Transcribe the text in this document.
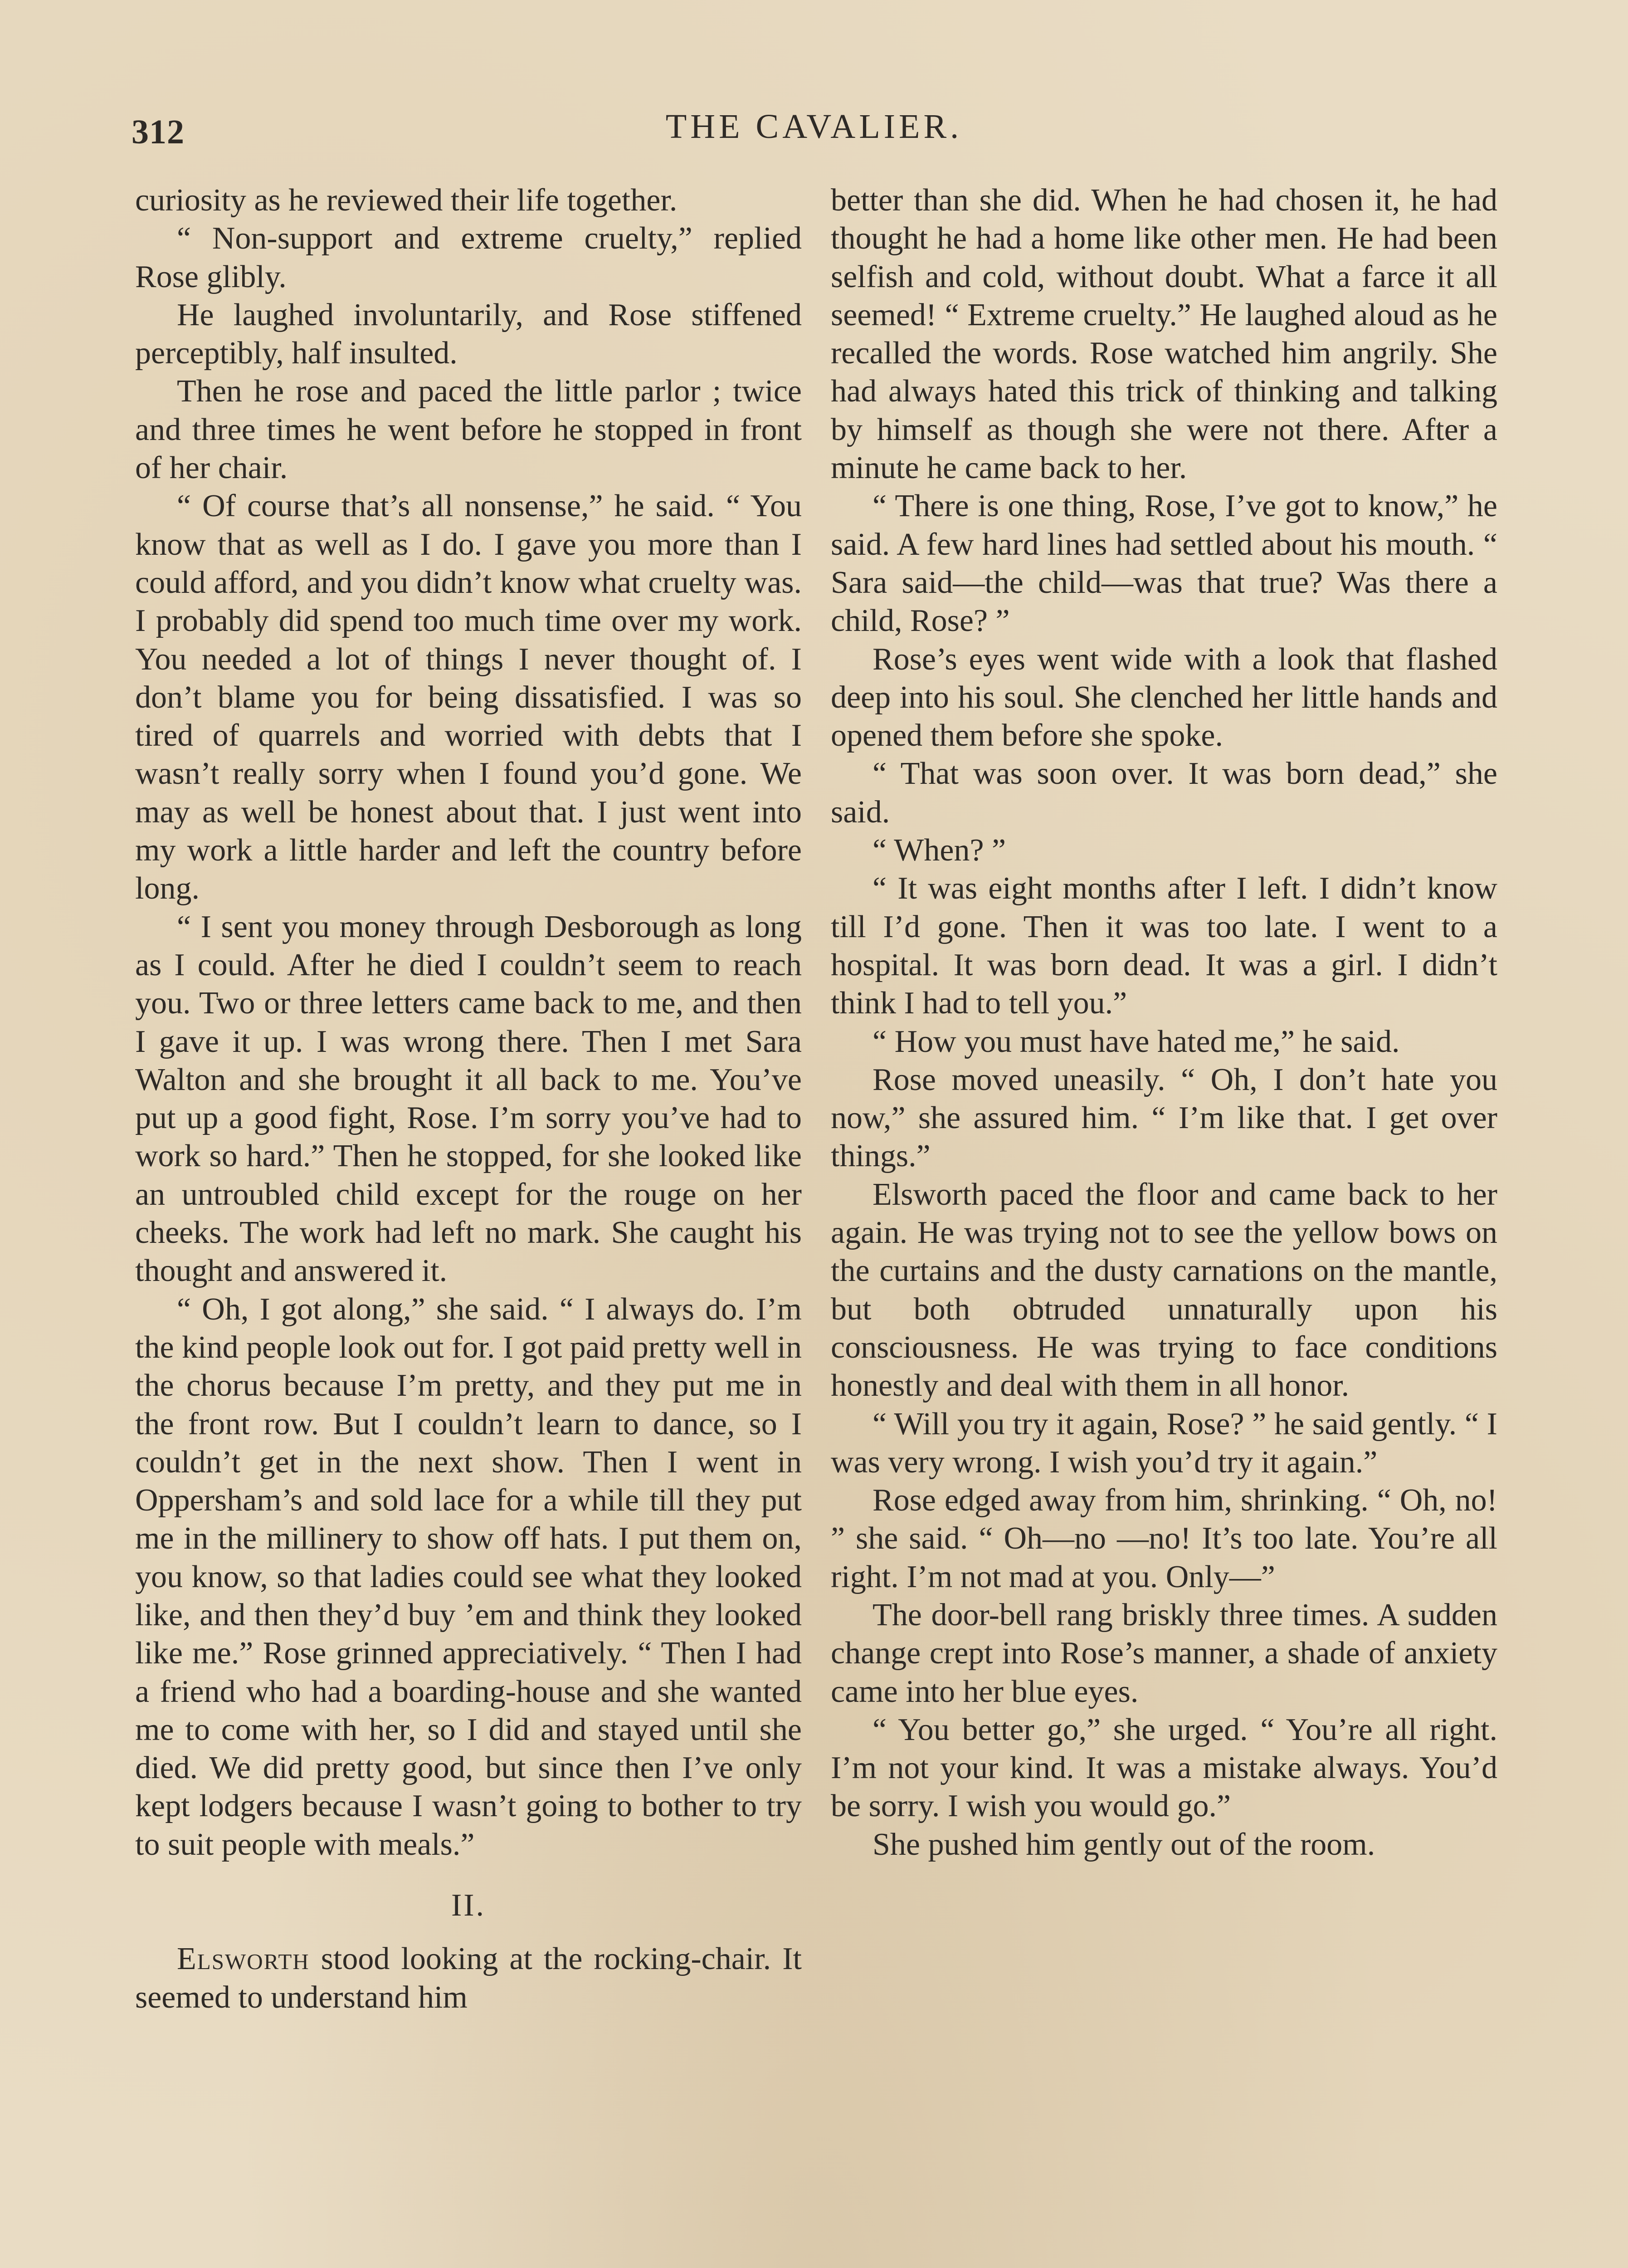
312	THE CAVALIER.

curiosity as he reviewed their life together.

“ Non-support and extreme cruelty,” replied Rose glibly.

He laughed involuntarily, and Rose stiffened perceptibly, half insulted.

Then he rose and paced the little parlor ; twice and three times he went before he stopped in front of her chair.

“ Of course that’s all nonsense,” he said. “ You know that as well as I do. I gave you more than I could afford, and you didn’t know what cruelty was. I probably did spend too much time over my work. You needed a lot of things I never thought of. I don’t blame you for being dissatisfied. I was so tired of quarrels and worried with debts that I wasn’t really sorry when I found you’d gone. We may as well be honest about that. I just went into my work a little harder and left the country before long.

“ I sent you money through Desborough as long as I could. After he died I couldn’t seem to reach you. Two or three letters came back to me, and then I gave it up. I was wrong there. Then I met Sara Walton and she brought it all back to me. You’ve put up a good fight, Rose. I’m sorry you’ve had to work so hard.” Then he stopped, for she looked like an untroubled child except for the rouge on her cheeks. The work had left no mark. She caught his thought and answered it.

“ Oh, I got along,” she said. “ I always do. I’m the kind people look out for. I got paid pretty well in the chorus because I’m pretty, and they put me in the front row. But I couldn’t learn to dance, so I couldn’t get in the next show. Then I went in Oppersham’s and sold lace for a while till they put me in the millinery to show off hats. I put them on, you know, so that ladies could see what they looked like, and then they’d buy ’em and think they looked like me.” Rose grinned appreciatively. “ Then I had a friend who had a boarding-house and she wanted me to come with her, so I did and stayed until she died. We did pretty good, but since then I’ve only kept lodgers because I wasn’t going to bother to try to suit people with meals.”

II.

Elsworth stood looking at the rocking-chair. It seemed to understand him

better than she did. When he had chosen it, he had thought he had a home like other men. He had been selfish and cold, without doubt. What a farce it all seemed! “ Extreme cruelty.” He laughed aloud as he recalled the words. Rose watched him angrily. She had always hated this trick of thinking and talking by himself as though she were not there. After a minute he came back to her.

“ There is one thing, Rose, I’ve got to know,” he said. A few hard lines had settled about his mouth. “ Sara said—the child—was that true? Was there a child, Rose? ”

Rose’s eyes went wide with a look that flashed deep into his soul. She clenched her little hands and opened them before she spoke.

“ That was soon over. It was born dead,” she said.

“ When? ”

“ It was eight months after I left. I didn’t know till I’d gone. Then it was too late. I went to a hospital. It was born dead. It was a girl. I didn’t think I had to tell you.”

“ How you must have hated me,” he said.

Rose moved uneasily. “ Oh, I don’t hate you now,” she assured him. “ I’m like that. I get over things.”

Elsworth paced the floor and came back to her again. He was trying not to see the yellow bows on the curtains and the dusty carnations on the mantle, but both obtruded unnaturally upon his consciousness. He was trying to face conditions honestly and deal with them in all honor.

“ Will you try it again, Rose? ” he said gently. “ I was very wrong. I wish you’d try it again.”

Rose edged away from him, shrinking. “ Oh, no! ” she said. “ Oh—no —no! It’s too late. You’re all right. I’m not mad at you. Only—”

The door-bell rang briskly three times. A sudden change crept into Rose’s manner, a shade of anxiety came into her blue eyes.

“ You better go,” she urged. “ You’re all right. I’m not your kind. It was a mistake always. You’d be sorry. I wish you would go.”

She pushed him gently out of the room.
